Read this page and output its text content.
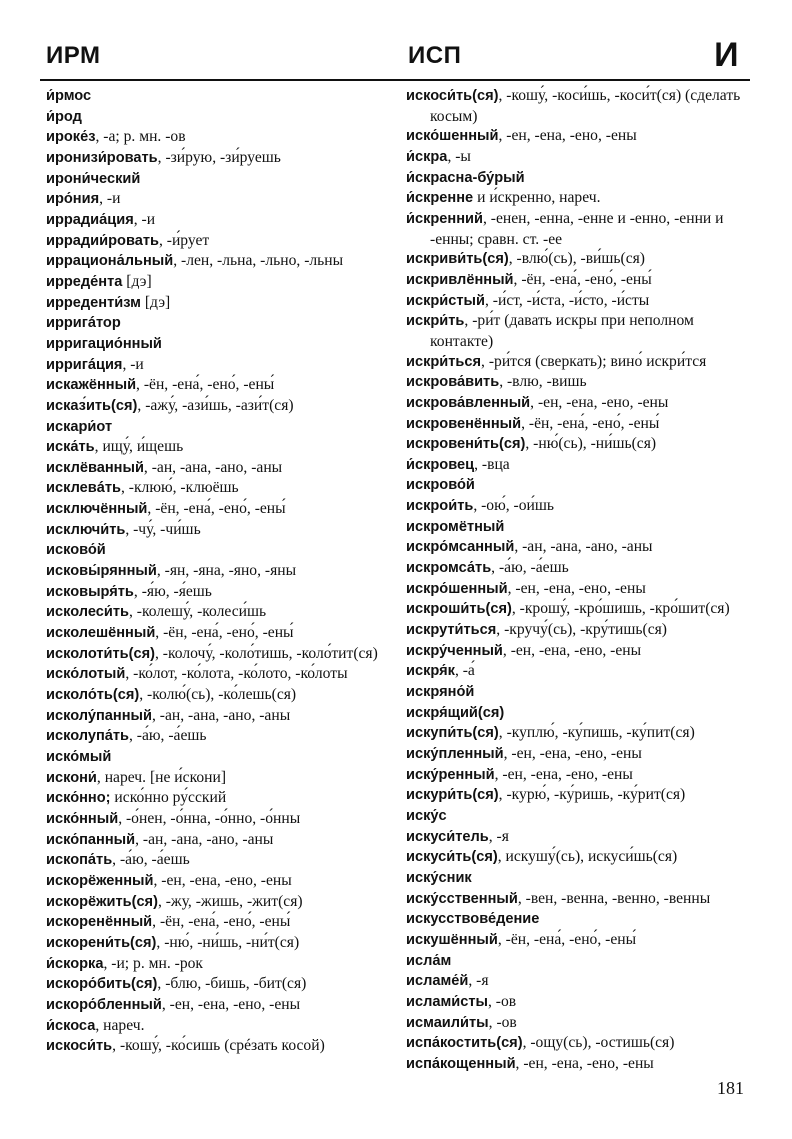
ИРМ	ИСП	И
и́рмос
и́род
ироке́з, -а; р. мн. -ов
иронизи́ровать, -зи́рую, -зи́руешь
ирони́ческий
иро́ния, -и
иррадиа́ция, -и
иррадии́ровать, -и́рует
иррациона́льный, -лен, -льна, -льно, -льны
ирреде́нта [дэ]
ирреденти́зм [дэ]
ирригáтор
ирригацио́нный
ирригáция, -и
искaжённый, -ён, -ена́, -ено́, -ены́
исказ́ить(ся), -ажу́, -ази́шь, -ази́т(ся)
искари́от
иска́ть, ищу́, и́щешь
исклёванный, -ан, -ана, -ано, -аны
исклевáть, -клюю́, -клюёшь
исключённый, -ён, -ена́, -ено́, -ены́
исключи́ть, -чу́, -чи́шь
исково́й
исковы́рянный, -ян, -яна, -яно, -яны
исковыря́ть, -я́ю, -я́ешь
исколеси́ть, -колешу́, -колеси́шь
исколешённый, -ён, -ена́, -ено́, -ены́
исколоти́ть(ся), -колочу́, -коло́тишь, -коло́тит(ся)
иско́лотый, -ко́лот, -ко́лота, -ко́лото, -ко́лоты
исколо́ть(ся), -колю́(сь), -ко́лешь(ся)
исколу́панный, -ан, -ана, -ано, -аны
исколупа́ть, -а́ю, -а́ешь
иско́мый
искони́, нареч. [не и́скони]
иско́нно; иско́нно ру́сский
иско́нный, -о́нен, -о́нна, -о́нно, -о́нны
иско́панный, -ан, -ана, -ано, -аны
ископа́ть, -а́ю, -а́ешь
искорёженный, -ен, -ена, -ено, -ены
искорёжить(ся), -жу, -жишь, -жит(ся)
искоренённый, -ён, -ена́, -ено́, -ены́
искорени́ть(ся), -ню́, -ни́шь, -ни́т(ся)
и́скорка, -и; р. мн. -рок
искоро́бить(ся), -блю, -бишь, -бит(ся)
искоро́бленный, -ен, -ена, -ено, -ены
и́скоса, нареч.
искоси́ть, -кошу́, -ко́сишь (срéзать косой)
искоси́ть(ся), -кошу́, -коси́шь, -коси́т(ся) (сделать косым)
иско́шенный, -ен, -ена, -ено, -ены
и́скра, -ы
и́скрасна-бу́рый
и́скренне и и́скренно, нареч.
и́скренний, -енен, -енна, -енне и -енно, -енни и -енны; сравн. ст. -ее
искриви́ть(ся), -влю́(сь), -ви́шь(ся)
искривлённый, -ён, -ена́, -ено́, -ены́
искри́стый, -и́ст, -и́ста, -и́сто, -и́сты
искри́ть, -ри́т (давать искры при неполном контакте)
искри́ться, -ри́тся (сверкать); вино́ искри́тся
искрова́вить, -влю, -вишь
искрова́вленный, -ен, -ена, -ено, -ены
искровенённый, -ён, -ена́, -ено́, -ены́
искровени́ть(ся), -ню́(сь), -ни́шь(ся)
и́скровец, -вца
искрово́й
искрои́ть, -ою́, -ои́шь
искромётный
искро́мсанный, -ан, -ана, -ано, -аны
искромса́ть, -а́ю, -а́ешь
искро́шенный, -ен, -ена, -ено, -ены
искроши́ть(ся), -крошу́, -кро́шишь, -кро́шит(ся)
искрути́ться, -кручу́(сь), -кру́тишь(ся)
искру́ченный, -ен, -ена, -ено, -ены
искря́к, -а́
искряно́й
искря́щий(ся)
искупи́ть(ся), -куплю́, -ку́пишь, -ку́пит(ся)
иску́пленный, -ен, -ена, -ено, -ены
иску́ренный, -ен, -ена, -ено, -ены
искури́ть(ся), -курю́, -ку́ришь, -ку́рит(ся)
иску́с
искуси́тель, -я
искуси́ть(ся), искушу́(сь), искуси́шь(ся)
иску́сник
иску́сственный, -вен, -венна, -венно, -венны
искусствове́дение
искушённый, -ён, -ена́, -ено́, -ены́
исла́м
исламе́й, -я
ислами́сты, -ов
исмаили́ты, -ов
испа́костить(ся), -ощу(сь), -остишь(ся)
испа́кощенный, -ен, -ена, -ено, -ены
181
